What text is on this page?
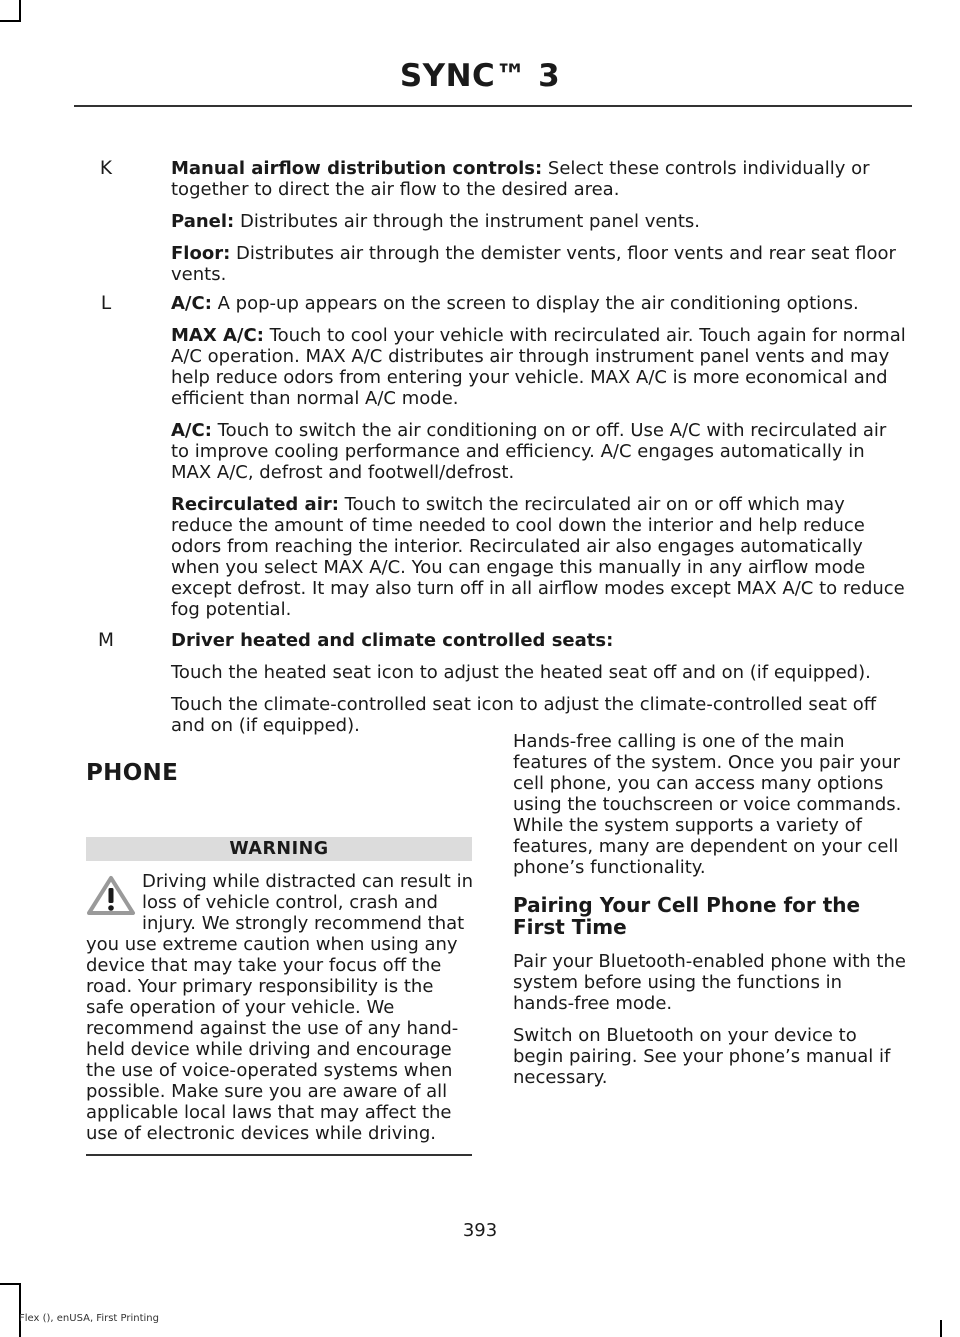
SYNC™ 3
K	Manual airflow distribution controls: Select these controls individually or together to direct the air flow to the desired area.

Panel: Distributes air through the instrument panel vents.

Floor: Distributes air through the demister vents, floor vents and rear seat floor vents.

L	A/C: A pop-up appears on the screen to display the air conditioning options.

MAX A/C: Touch to cool your vehicle with recirculated air. Touch again for normal A/C operation. MAX A/C distributes air through instrument panel vents and may help reduce odors from entering your vehicle. MAX A/C is more economical and efficient than normal A/C mode.

A/C: Touch to switch the air conditioning on or off. Use A/C with recirculated air to improve cooling performance and efficiency. A/C engages automatically in MAX A/C, defrost and footwell/defrost.

Recirculated air: Touch to switch the recirculated air on or off which may reduce the amount of time needed to cool down the interior and help reduce odors from reaching the interior. Recirculated air also engages automatically when you select MAX A/C. You can engage this manually in any airflow mode except defrost. It may also turn off in all airflow modes except MAX A/C to reduce fog potential.

M	Driver heated and climate controlled seats:

Touch the heated seat icon to adjust the heated seat off and on (if equipped).

Touch the climate-controlled seat icon to adjust the climate-controlled seat off and on (if equipped).

PHONE
WARNING
Driving while distracted can result in loss of vehicle control, crash and injury. We strongly recommend that you use extreme caution when using any device that may take your focus off the road. Your primary responsibility is the safe operation of your vehicle. We recommend against the use of any hand-held device while driving and encourage the use of voice-operated systems when possible. Make sure you are aware of all applicable local laws that may affect the use of electronic devices while driving.

Hands-free calling is one of the main features of the system. Once you pair your cell phone, you can access many options using the touchscreen or voice commands. While the system supports a variety of features, many are dependent on your cell phone’s functionality.

Pairing Your Cell Phone for the First Time

Pair your Bluetooth-enabled phone with the system before using the functions in hands-free mode.

Switch on Bluetooth on your device to begin pairing. See your phone’s manual if necessary.

393
Flex (), enUSA, First Printing
